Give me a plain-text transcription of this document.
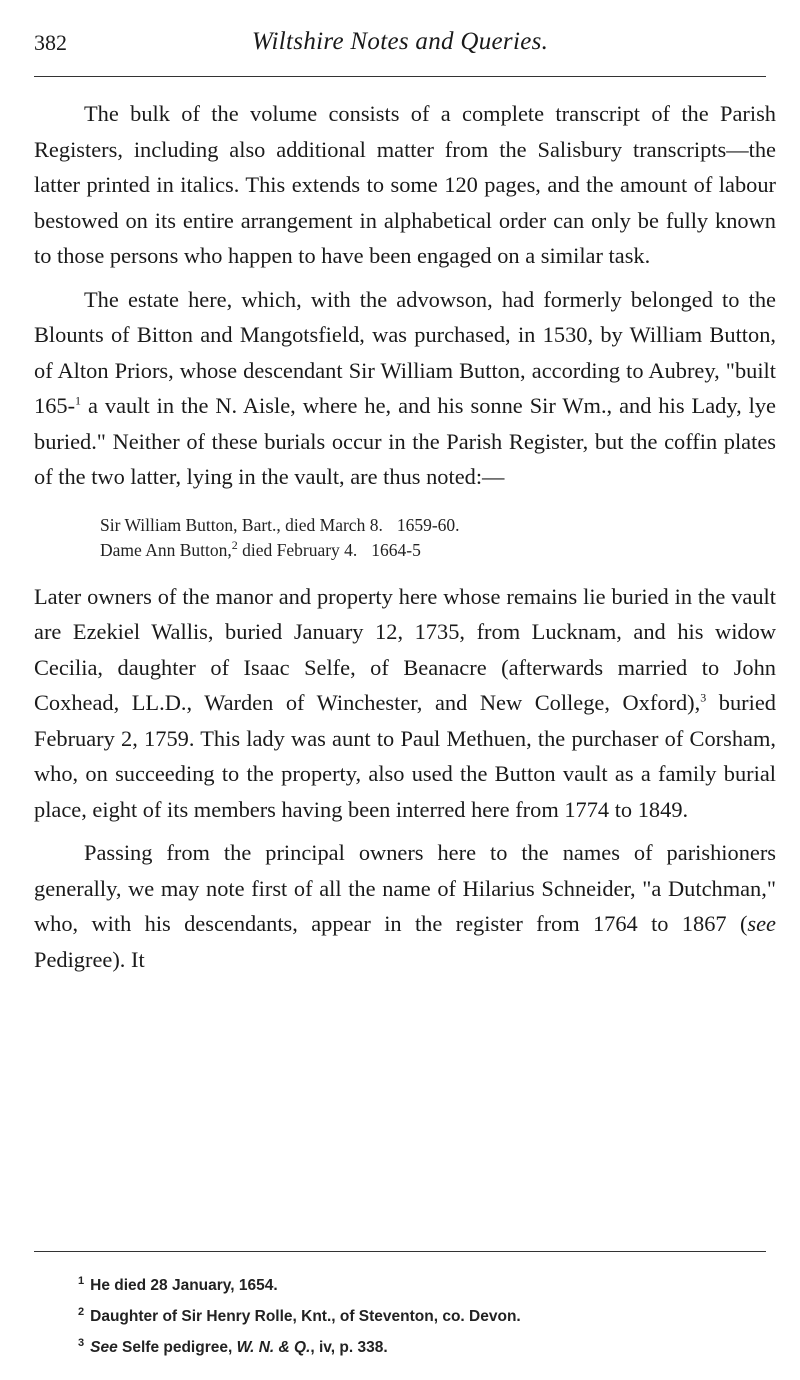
382	Wiltshire Notes and Queries.

The bulk of the volume consists of a complete transcript of the Parish Registers, including also additional matter from the Salisbury transcripts—the latter printed in italics. This extends to some 120 pages, and the amount of labour bestowed on its entire arrangement in alphabetical order can only be fully known to those persons who happen to have been engaged on a similar task.

The estate here, which, with the advowson, had formerly belonged to the Blounts of Bitton and Mangotsfield, was purchased, in 1530, by William Button, of Alton Priors, whose descendant Sir William Button, according to Aubrey, "built 165-$^1$ a vault in the N. Aisle, where he, and his sonne Sir Wm., and his Lady, lye buried." Neither of these burials occur in the Parish Register, but the coffin plates of the two latter, lying in the vault, are thus noted:—

Sir William Button, Bart., died March 8. 1659-60.
Dame Ann Button,$^2$ died February 4. 1664-5

Later owners of the manor and property here whose remains lie buried in the vault are Ezekiel Wallis, buried January 12, 1735, from Lucknam, and his widow Cecilia, daughter of Isaac Selfe, of Beanacre (afterwards married to John Coxhead, LL.D., Warden of Winchester, and New College, Oxford),$^3$ buried February 2, 1759. This lady was aunt to Paul Methuen, the purchaser of Corsham, who, on succeeding to the property, also used the Button vault as a family burial place, eight of its members having been interred here from 1774 to 1849.

Passing from the principal owners here to the names of parishioners generally, we may note first of all the name of Hilarius Schneider, "a Dutchman," who, with his descendants, appear in the register from 1764 to 1867 (see Pedigree). It

$^1$ He died 28 January, 1654.
$^2$ Daughter of Sir Henry Rolle, Knt., of Steventon, co. Devon.
$^3$ See Selfe pedigree, W. N. & Q., iv, p. 338.
